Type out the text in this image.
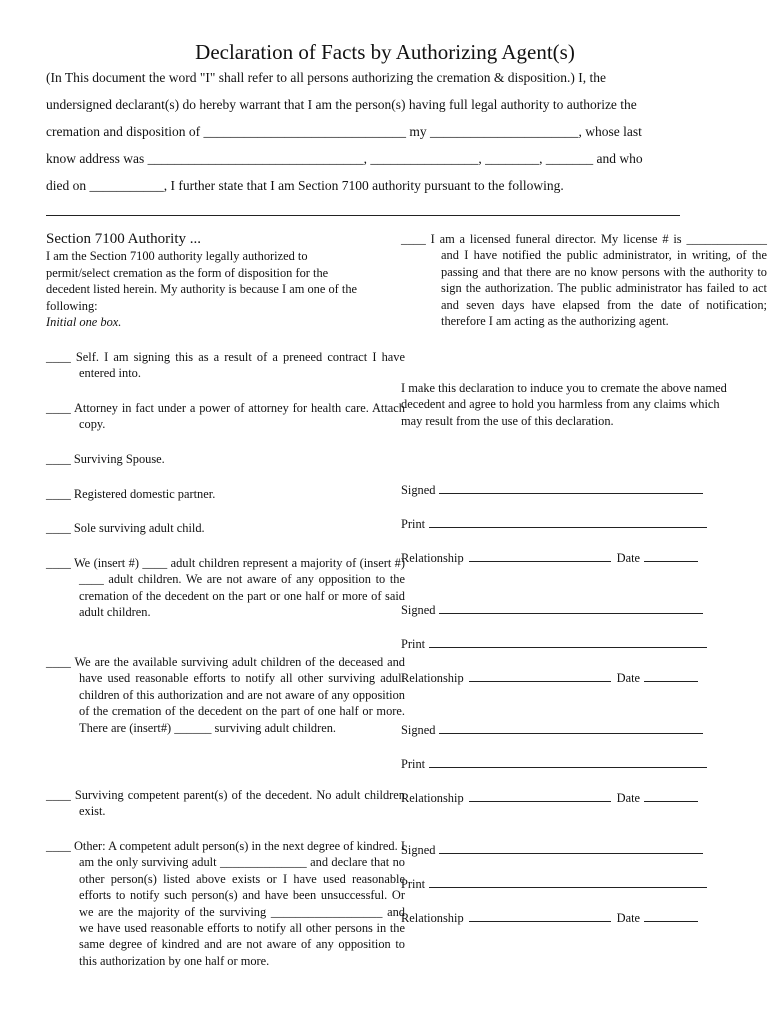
Declaration of Facts by Authorizing Agent(s)
(In This document the word "I" shall refer to all persons authorizing the cremation & disposition.) I, the
undersigned declarant(s) do hereby warrant that I am the person(s) having full legal authority to authorize the
cremation and disposition of ______________________________ my ______________________, whose last
know address was ________________________________, ________________, ________, _______ and who
died on ___________, I further state that I am Section 7100 authority pursuant to the following.
Section 7100 Authority ...
I am the Section 7100 authority legally authorized to permit/select cremation as the form of disposition for the decedent listed herein. My authority is because I am one of the following:
Initial one box.
____ Self. I am signing this as a result of a preneed contract I have entered into.
____ Attorney in fact under a power of attorney for health care. Attach copy.
____ Surviving Spouse.
____ Registered domestic partner.
____ Sole surviving adult child.
____ We (insert #) ____ adult children represent a majority of (insert #) ____ adult children. We are not aware of any opposition to the cremation of the decedent on the part or one half or more of said adult children.
____ We are the available surviving adult children of the deceased and have used reasonable efforts to notify all other surviving adult children of this authorization and are not aware of any opposition of the cremation of the decedent on the part of one half or more. There are (insert#) ______ surviving adult children.
____ Surviving competent parent(s) of the decedent. No adult children exist.
____ Other: A competent adult person(s) in the next degree of kindred. I am the only surviving adult ______________ and declare that no other person(s) listed above exists or I have used reasonable efforts to notify such person(s) and have been unsuccessful. Or we are the majority of the surviving __________________ and we have used reasonable efforts to notify all other persons in the same degree of kindred and are not aware of any opposition to this authorization by one half or more.
____ I am a licensed funeral director. My license # is _____________ and I have notified the public administrator, in writing, of the passing and that there are no know persons with the authority to sign the authorization. The public administrator has failed to act and seven days have elapsed from the date of notification; therefore I am acting as the authorizing agent.
I make this declaration to induce you to cremate the above named decedent and agree to hold you harmless from any claims which may result from the use of this declaration.
Signed
Print
Relationship	Date
Signed
Print
Relationship	Date
Signed
Print
Relationship	Date
Signed
Print
Relationship	Date
